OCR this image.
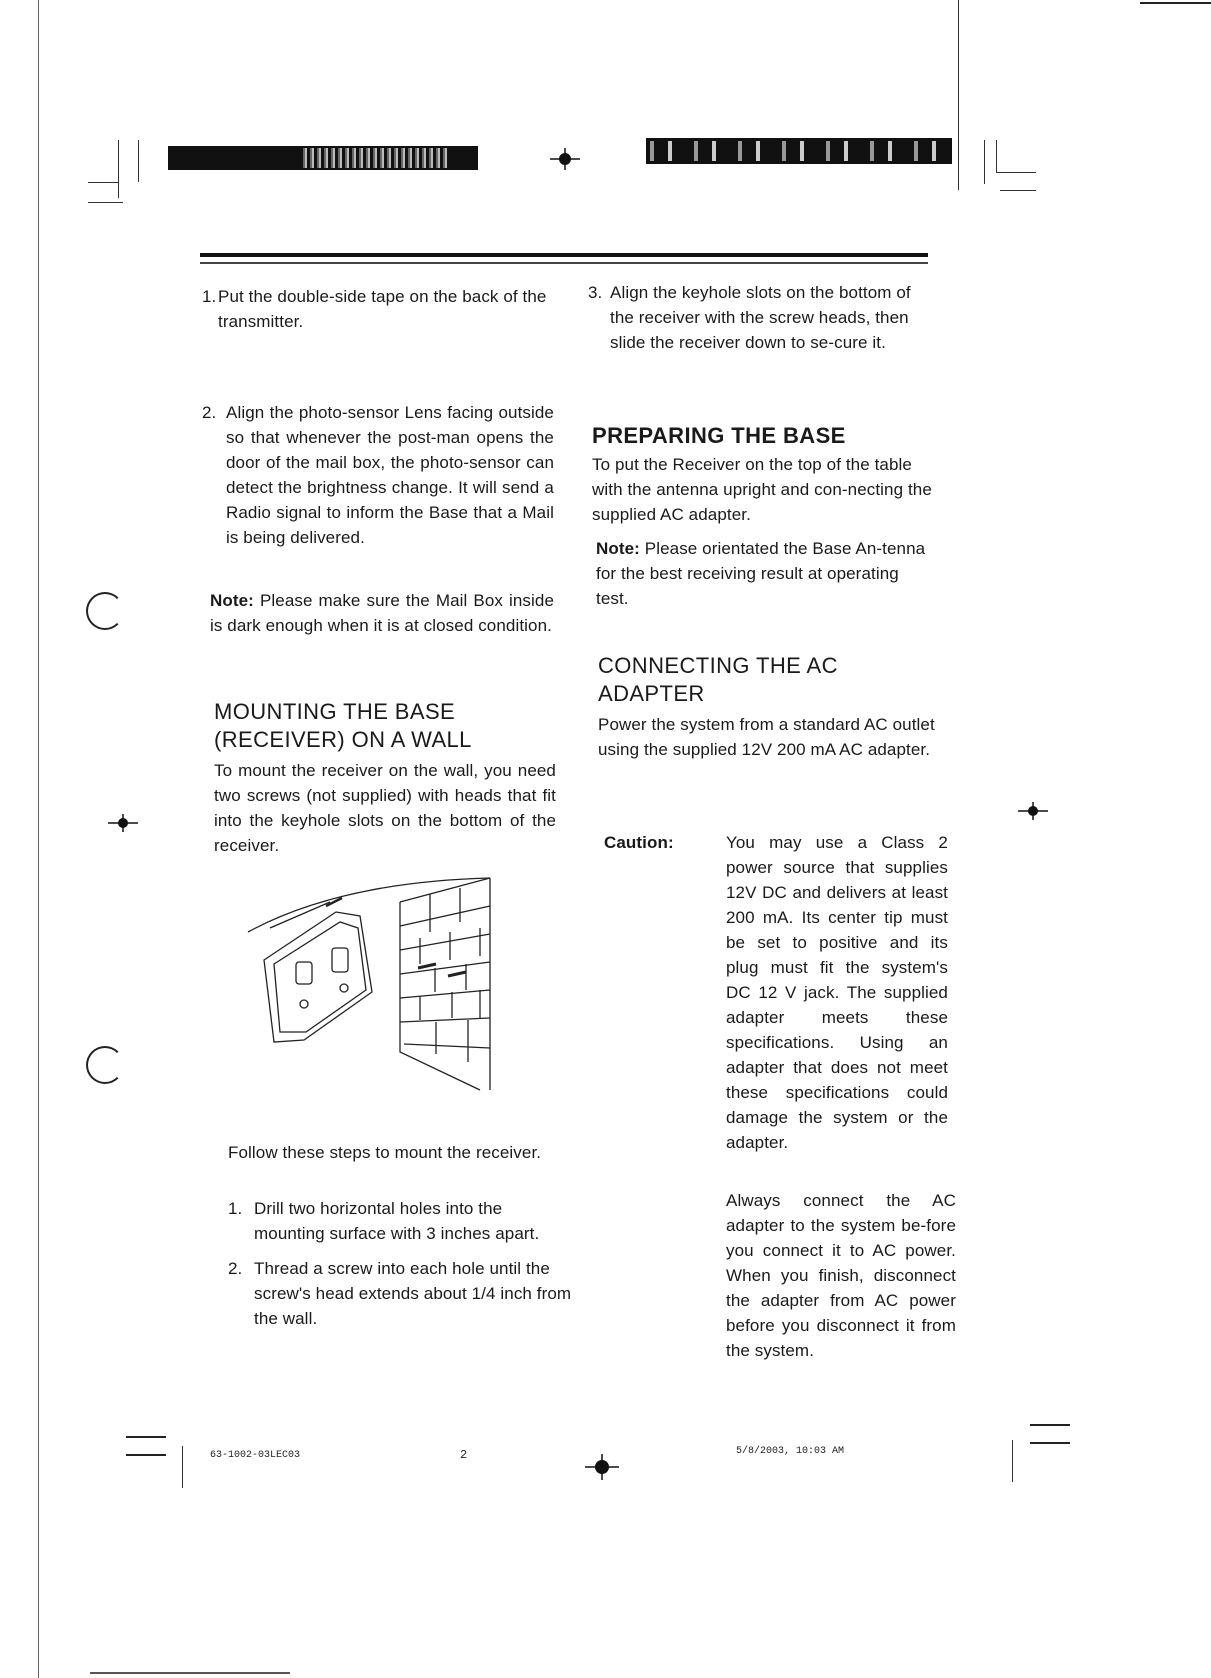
1. Put the double-side tape on the back of the transmitter.
2. Align the photo-sensor Lens facing outside so that whenever the post-man opens the door of the mail box, the photo-sensor can detect the brightness change. It will send a Radio signal to inform the Base that a Mail is being delivered.
Note: Please make sure the Mail Box inside is dark enough when it is at closed condition.
MOUNTING THE BASE (RECEIVER) ON A WALL
To mount the receiver on the wall, you need two screws (not supplied) with heads that fit into the keyhole slots on the bottom of the receiver.
Follow these steps to mount the receiver.
1. Drill two horizontal holes into the mounting surface with 3 inches apart.
2. Thread a screw into each hole until the screw's head extends about 1/4 inch from the wall.
3. Align the keyhole slots on the bottom of the receiver with the screw heads, then slide the receiver down to se-cure it.
PREPARING THE BASE
To put the Receiver on the top of the table with the antenna upright and con-necting the supplied AC adapter.
Note: Please orientated the Base An-tenna for the best receiving result at operating test.
CONNECTING THE AC ADAPTER
Power the system from a standard AC outlet using the supplied 12V 200 mA AC adapter.
Caution:	You may use a Class 2 power source that supplies 12V DC and delivers at least 200 mA. Its center tip must be set to positive and its plug must fit the system's DC 12 V jack. The supplied adapter meets these specifications. Using an adapter that does not meet these specifications could damage the system or the adapter.
Always connect the AC adapter to the system be-fore you connect it to AC power. When you finish, disconnect the adapter from AC power before you disconnect it from the system.
63-1002-03LEC03	2	5/8/2003, 10:03 AM
